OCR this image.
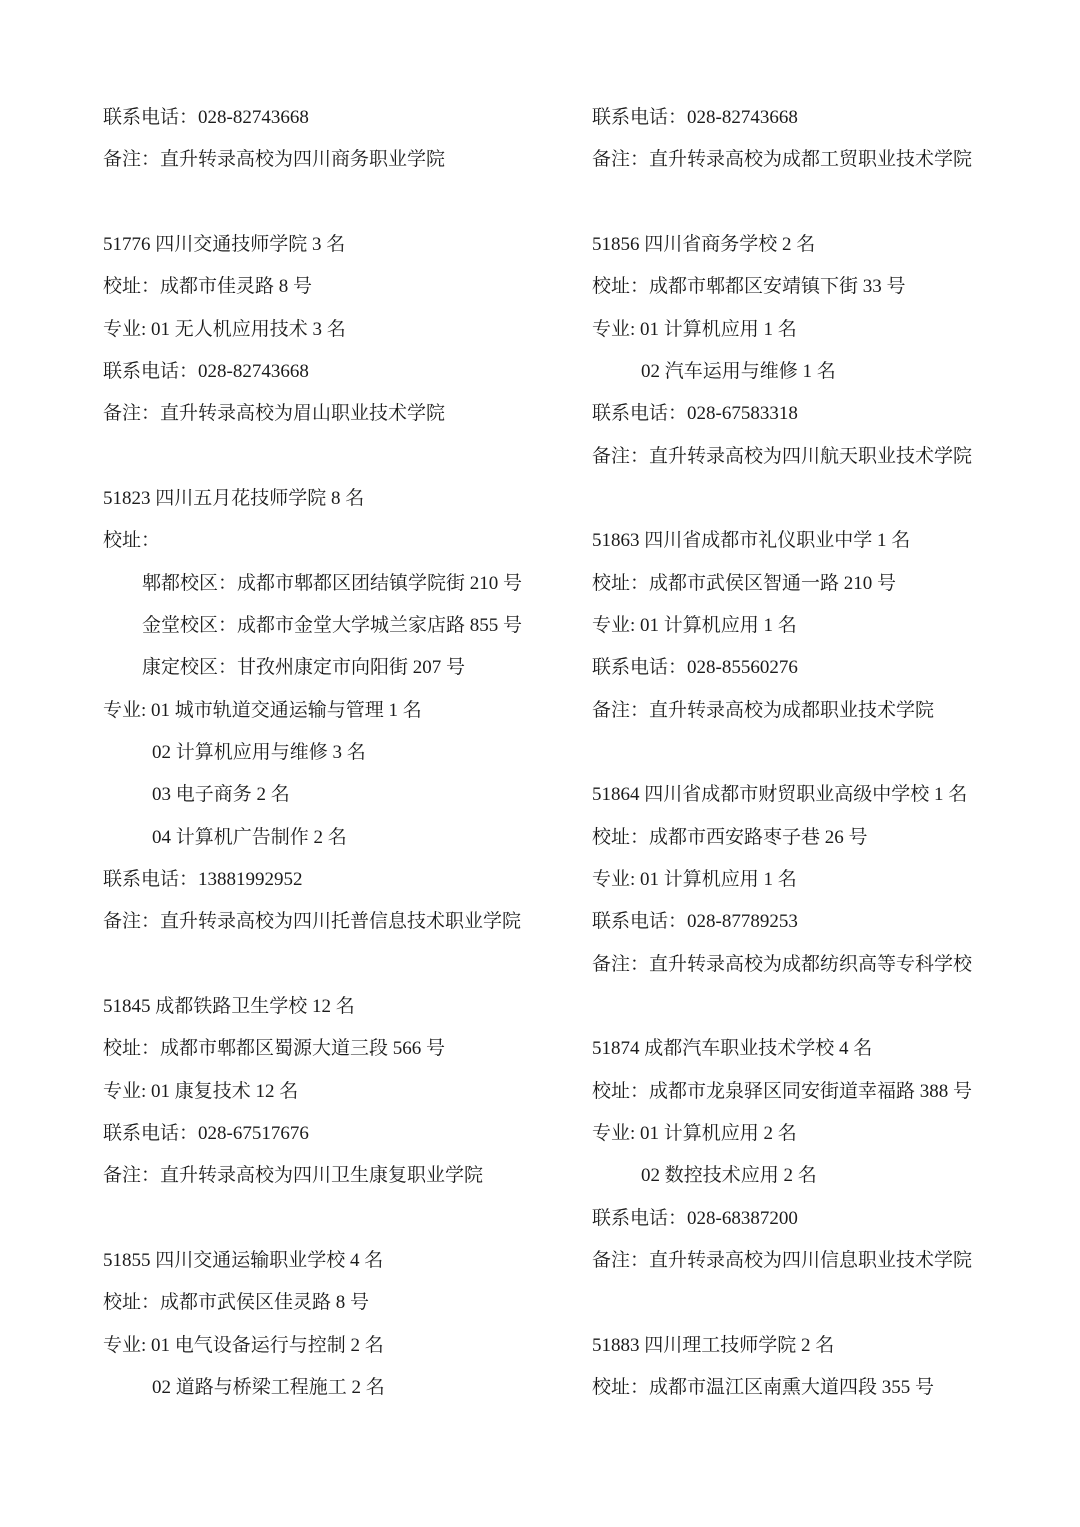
联系电话：028-82743668
备注：直升转录高校为四川商务职业学院
51776 四川交通技师学院 3 名
校址：成都市佳灵路 8 号
专业: 01 无人机应用技术 3 名
联系电话：028-82743668
备注：直升转录高校为眉山职业技术学院
51823 四川五月花技师学院 8 名
校址：
郫都校区：成都市郫都区团结镇学院街 210 号
金堂校区：成都市金堂大学城兰家店路 855 号
康定校区：甘孜州康定市向阳街 207 号
专业: 01 城市轨道交通运输与管理 1 名
02 计算机应用与维修 3 名
03 电子商务 2 名
04 计算机广告制作 2 名
联系电话：13881992952
备注：直升转录高校为四川托普信息技术职业学院
51845 成都铁路卫生学校 12 名
校址：成都市郫都区蜀源大道三段 566 号
专业: 01 康复技术 12 名
联系电话：028-67517676
备注：直升转录高校为四川卫生康复职业学院
51855 四川交通运输职业学校 4 名
校址：成都市武侯区佳灵路 8 号
专业: 01 电气设备运行与控制 2 名
02 道路与桥梁工程施工 2 名
联系电话：028-82743668
备注：直升转录高校为成都工贸职业技术学院
51856 四川省商务学校 2 名
校址：成都市郫都区安靖镇下街 33 号
专业: 01 计算机应用 1 名
02 汽车运用与维修 1 名
联系电话：028-67583318
备注：直升转录高校为四川航天职业技术学院
51863 四川省成都市礼仪职业中学 1 名
校址：成都市武侯区智通一路 210 号
专业: 01 计算机应用 1 名
联系电话：028-85560276
备注：直升转录高校为成都职业技术学院
51864 四川省成都市财贸职业高级中学校 1 名
校址：成都市西安路枣子巷 26 号
专业: 01 计算机应用 1 名
联系电话：028-87789253
备注：直升转录高校为成都纺织高等专科学校
51874 成都汽车职业技术学校 4 名
校址：成都市龙泉驿区同安街道幸福路 388 号
专业: 01 计算机应用 2 名
02 数控技术应用 2 名
联系电话：028-68387200
备注：直升转录高校为四川信息职业技术学院
51883 四川理工技师学院 2 名
校址：成都市温江区南熏大道四段 355 号
